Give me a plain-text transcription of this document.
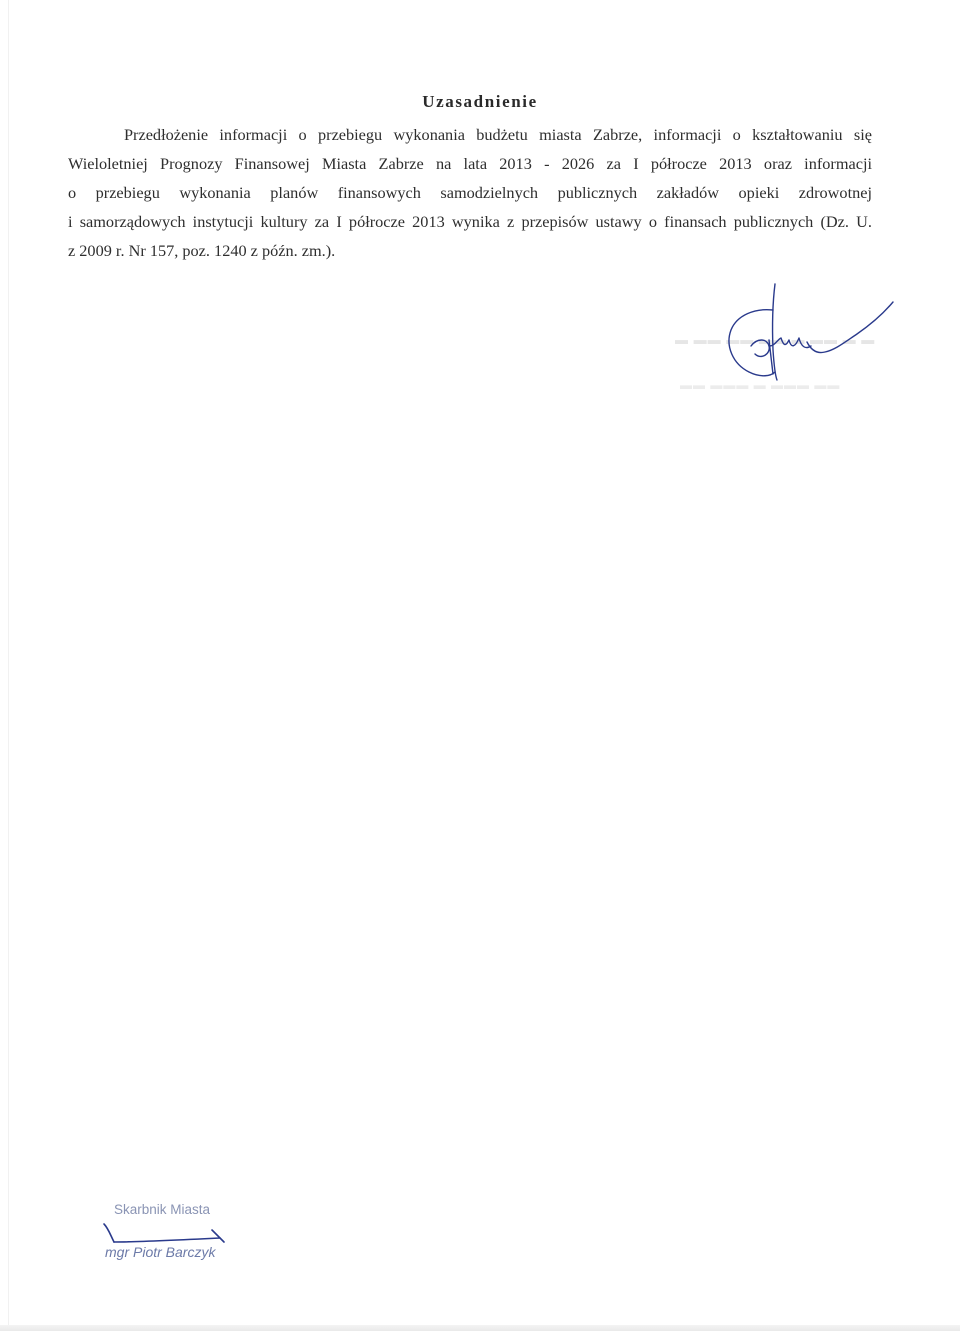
Uzasadnienie
Przedłożenie informacji o przebiegu wykonania budżetu miasta Zabrze, informacji o kształtowaniu się
Wieloletniej Prognozy Finansowej Miasta Zabrze na lata 2013 - 2026 za I półrocze 2013 oraz informacji
o przebiegu wykonania planów finansowych samodzielnych publicznych zakładów opieki zdrowotnej
i samorządowych instytucji kultury za I półrocze 2013 wynika z przepisów ustawy o finansach publicznych (Dz. U.
z 2009 r. Nr 157, poz. 1240 z późn. zm.).
▬ ▬▬ ▬▬ ▬▬ ▬ ▬▬ ▬ ▬
▬▬ ▬▬▬ ▬ ▬▬▬ ▬▬
Skarbnik Miasta
mgr Piotr Barczyk
